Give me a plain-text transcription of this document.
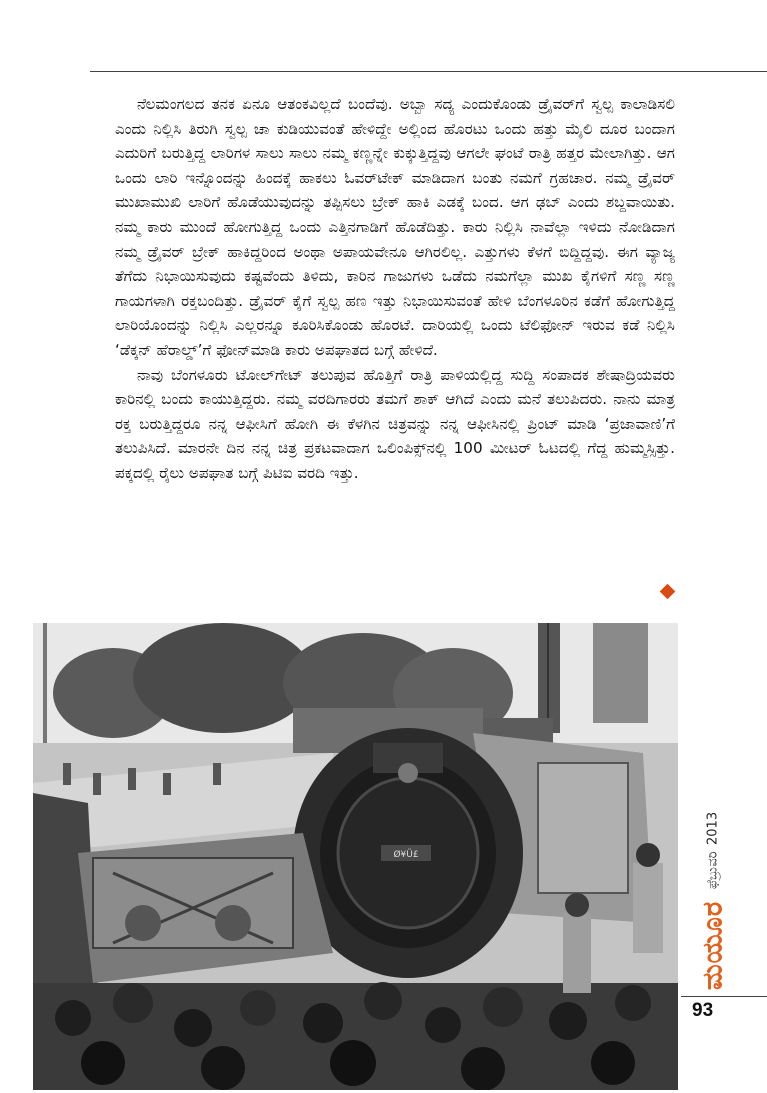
ನೆಲಮಂಗಲದ ತನಕ ಏನೂ ಆತಂಕವಿಲ್ಲದೆ ಬಂದೆವು. ಅಬ್ಬಾ ಸದ್ಯ ಎಂದುಕೊಂಡು ಡ್ರೈವರ್‌ಗೆ ಸ್ವಲ್ಪ ಕಾಲಾಡಿಸಲಿ ಎಂದು ನಿಲ್ಲಿಸಿ ತಿರುಗಿ ಸ್ವಲ್ಪ ಚಾ ಕುಡಿಯುವಂತೆ ಹೇಳಿದ್ದೇ ಅಲ್ಲಿಂದ ಹೊರಟು ಒಂದು ಹತ್ತು ಮೈಲಿ ದೂರ ಬಂದಾಗ ಎದುರಿಗೆ ಬರುತ್ತಿದ್ದ ಲಾರಿಗಳ ಸಾಲು ಸಾಲು ನಮ್ಮ ಕಣ್ಣನ್ನೇ ಕುಕ್ಕುತ್ತಿದ್ದವು ಆಗಲೇ ಘಂಟೆ ರಾತ್ರಿ ಹತ್ತರ ಮೇಲಾಗಿತ್ತು. ಆಗ ಒಂದು ಲಾರಿ ಇನ್ನೊಂದನ್ನು ಹಿಂದಕ್ಕೆ ಹಾಕಲು ಓವರ್‌ಟೇಕ್ ಮಾಡಿದಾಗ ಬಂತು ನಮಗೆ ಗ್ರಹಚಾರ. ನಮ್ಮ ಡ್ರೈವರ್ ಮುಖಾಮುಖಿ ಲಾರಿಗೆ ಹೊಡೆಯುವುದನ್ನು ತಪ್ಪಿಸಲು ಬ್ರೇಕ್ ಹಾಕಿ ಎಡಕ್ಕೆ ಬಂದ. ಆಗ ಢಬ್ ಎಂದು ಶಬ್ದವಾಯಿತು. ನಮ್ಮ ಕಾರು ಮುಂದೆ ಹೋಗುತ್ತಿದ್ದ ಒಂದು ಎತ್ತಿನಗಾಡಿಗೆ ಹೊಡೆದಿತ್ತು. ಕಾರು ನಿಲ್ಲಿಸಿ ನಾವೆಲ್ಲಾ ಇಳಿದು ನೋಡಿದಾಗ ನಮ್ಮ ಡ್ರೈವರ್ ಬ್ರೇಕ್ ಹಾಕಿದ್ದರಿಂದ ಅಂಥಾ ಅಪಾಯವೇನೂ ಆಗಿರಲಿಲ್ಲ. ಎತ್ತುಗಳು ಕೆಳಗೆ ಬಿದ್ದಿದ್ದವು. ಈಗ ವ್ಯಾಜ್ಯ ತೆಗೆದು ನಿಭಾಯಿಸುವುದು ಕಷ್ಟವೆಂದು ತಿಳಿದು, ಕಾರಿನ ಗಾಜುಗಳು ಒಡೆದು ನಮಗೆಲ್ಲಾ ಮುಖ ಕೈಗಳಿಗೆ ಸಣ್ಣ ಸಣ್ಣ ಗಾಯಗಳಾಗಿ ರಕ್ತಬಂದಿತ್ತು. ಡ್ರೈವರ್ ಕೈಗೆ ಸ್ವಲ್ಪ ಹಣ ಇತ್ತು ನಿಭಾಯಿಸುವಂತೆ ಹೇಳಿ ಬೆಂಗಳೂರಿನ ಕಡೆಗೆ ಹೋಗುತ್ತಿದ್ದ ಲಾರಿಯೊಂದನ್ನು ನಿಲ್ಲಿಸಿ ಎಲ್ಲರನ್ನೂ ಕೂರಿಸಿಕೊಂಡು ಹೊರಟೆ. ದಾರಿಯಲ್ಲಿ ಒಂದು ಟೆಲಿಫೋನ್ ಇರುವ ಕಡೆ ನಿಲ್ಲಿಸಿ ‘ಡೆಕ್ಕನ್ ಹೆರಾಲ್ಡ್’ಗೆ ಫೋನ್‌ಮಾಡಿ ಕಾರು ಅಪಘಾತದ ಬಗ್ಗೆ ಹೇಳಿದೆ.

ನಾವು ಬೆಂಗಳೂರು ಟೋಲ್‌ಗೇಟ್ ತಲುಪುವ ಹೊತ್ತಿಗೆ ರಾತ್ರಿ ಪಾಳಿಯಲ್ಲಿದ್ದ ಸುದ್ದಿ ಸಂಪಾದಕ ಶೇಷಾದ್ರಿಯವರು ಕಾರಿನಲ್ಲಿ ಬಂದು ಕಾಯುತ್ತಿದ್ದರು. ನಮ್ಮ ವರದಿಗಾರರು ತಮಗೆ ಶಾಕ್ ಆಗಿದೆ ಎಂದು ಮನೆ ತಲುಪಿದರು. ನಾನು ಮಾತ್ರ ರಕ್ತ ಬರುತ್ತಿದ್ದರೂ ನನ್ನ ಆಫೀಸಿಗೆ ಹೋಗಿ ಈ ಕೆಳಗಿನ ಚಿತ್ರವನ್ನು ನನ್ನ ಆಫೀಸಿನಲ್ಲಿ ಪ್ರಿಂಟ್ ಮಾಡಿ ‘ಪ್ರಜಾವಾಣಿ’ಗೆ ತಲುಪಿಸಿದೆ. ಮಾರನೇ ದಿನ ನನ್ನ ಚಿತ್ರ ಪ್ರಕಟವಾದಾಗ ಒಲಿಂಪಿಕ್ಸ್‌ನಲ್ಲಿ 100 ಮೀಟರ್ ಓಟದಲ್ಲಿ ಗೆದ್ದ ಹುಮ್ಮಸ್ಸಿತ್ತು. ಪಕ್ಕದಲ್ಲಿ ರೈಲು ಅಪಘಾತ ಬಗ್ಗೆ ಪಿಟಿಐ ವರದಿ ಇತ್ತು.

Ø¥Ü£
ಮಯೂರ
ಫೆಬ್ರುವರಿ
2013
93
